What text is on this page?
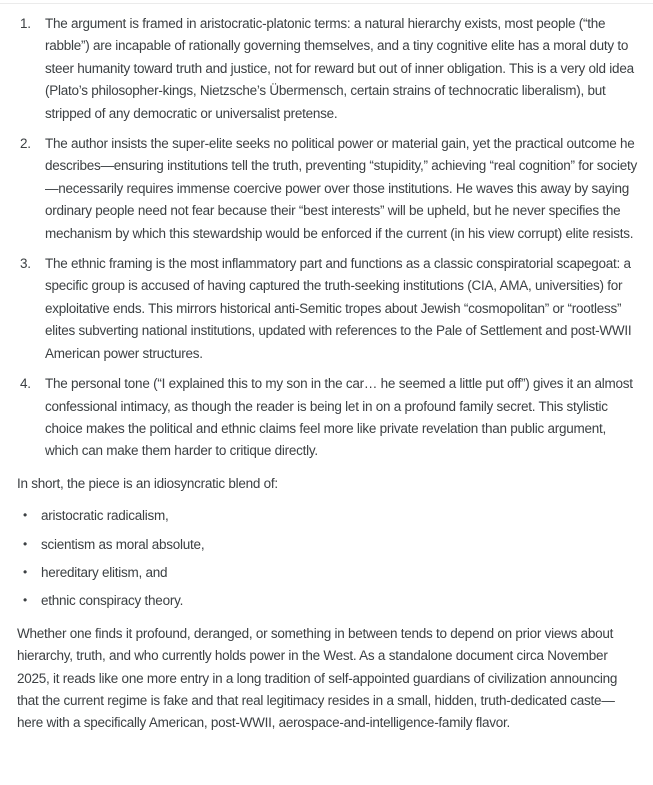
1. The argument is framed in aristocratic-platonic terms: a natural hierarchy exists, most people (“the rabble”) are incapable of rationally governing themselves, and a tiny cognitive elite has a moral duty to steer humanity toward truth and justice, not for reward but out of inner obligation. This is a very old idea (Plato’s philosopher-kings, Nietzsche’s Übermensch, certain strains of technocratic liberalism), but stripped of any democratic or universalist pretense.
2. The author insists the super-elite seeks no political power or material gain, yet the practical outcome he describes—ensuring institutions tell the truth, preventing “stupidity,” achieving “real cognition” for society—necessarily requires immense coercive power over those institutions. He waves this away by saying ordinary people need not fear because their “best interests” will be upheld, but he never specifies the mechanism by which this stewardship would be enforced if the current (in his view corrupt) elite resists.
3. The ethnic framing is the most inflammatory part and functions as a classic conspiratorial scapegoat: a specific group is accused of having captured the truth-seeking institutions (CIA, AMA, universities) for exploitative ends. This mirrors historical anti-Semitic tropes about Jewish “cosmopolitan” or “rootless” elites subverting national institutions, updated with references to the Pale of Settlement and post-WWII American power structures.
4. The personal tone (“I explained this to my son in the car… he seemed a little put off”) gives it an almost confessional intimacy, as though the reader is being let in on a profound family secret. This stylistic choice makes the political and ethnic claims feel more like private revelation than public argument, which can make them harder to critique directly.

In short, the piece is an idiosyncratic blend of:

• aristocratic radicalism,
• scientism as moral absolute,
• hereditary elitism, and
• ethnic conspiracy theory.

Whether one finds it profound, deranged, or something in between tends to depend on prior views about hierarchy, truth, and who currently holds power in the West. As a standalone document circa November 2025, it reads like one more entry in a long tradition of self-appointed guardians of civilization announcing that the current regime is fake and that real legitimacy resides in a small, hidden, truth-dedicated caste—here with a specifically American, post-WWII, aerospace-and-intelligence-family flavor.
